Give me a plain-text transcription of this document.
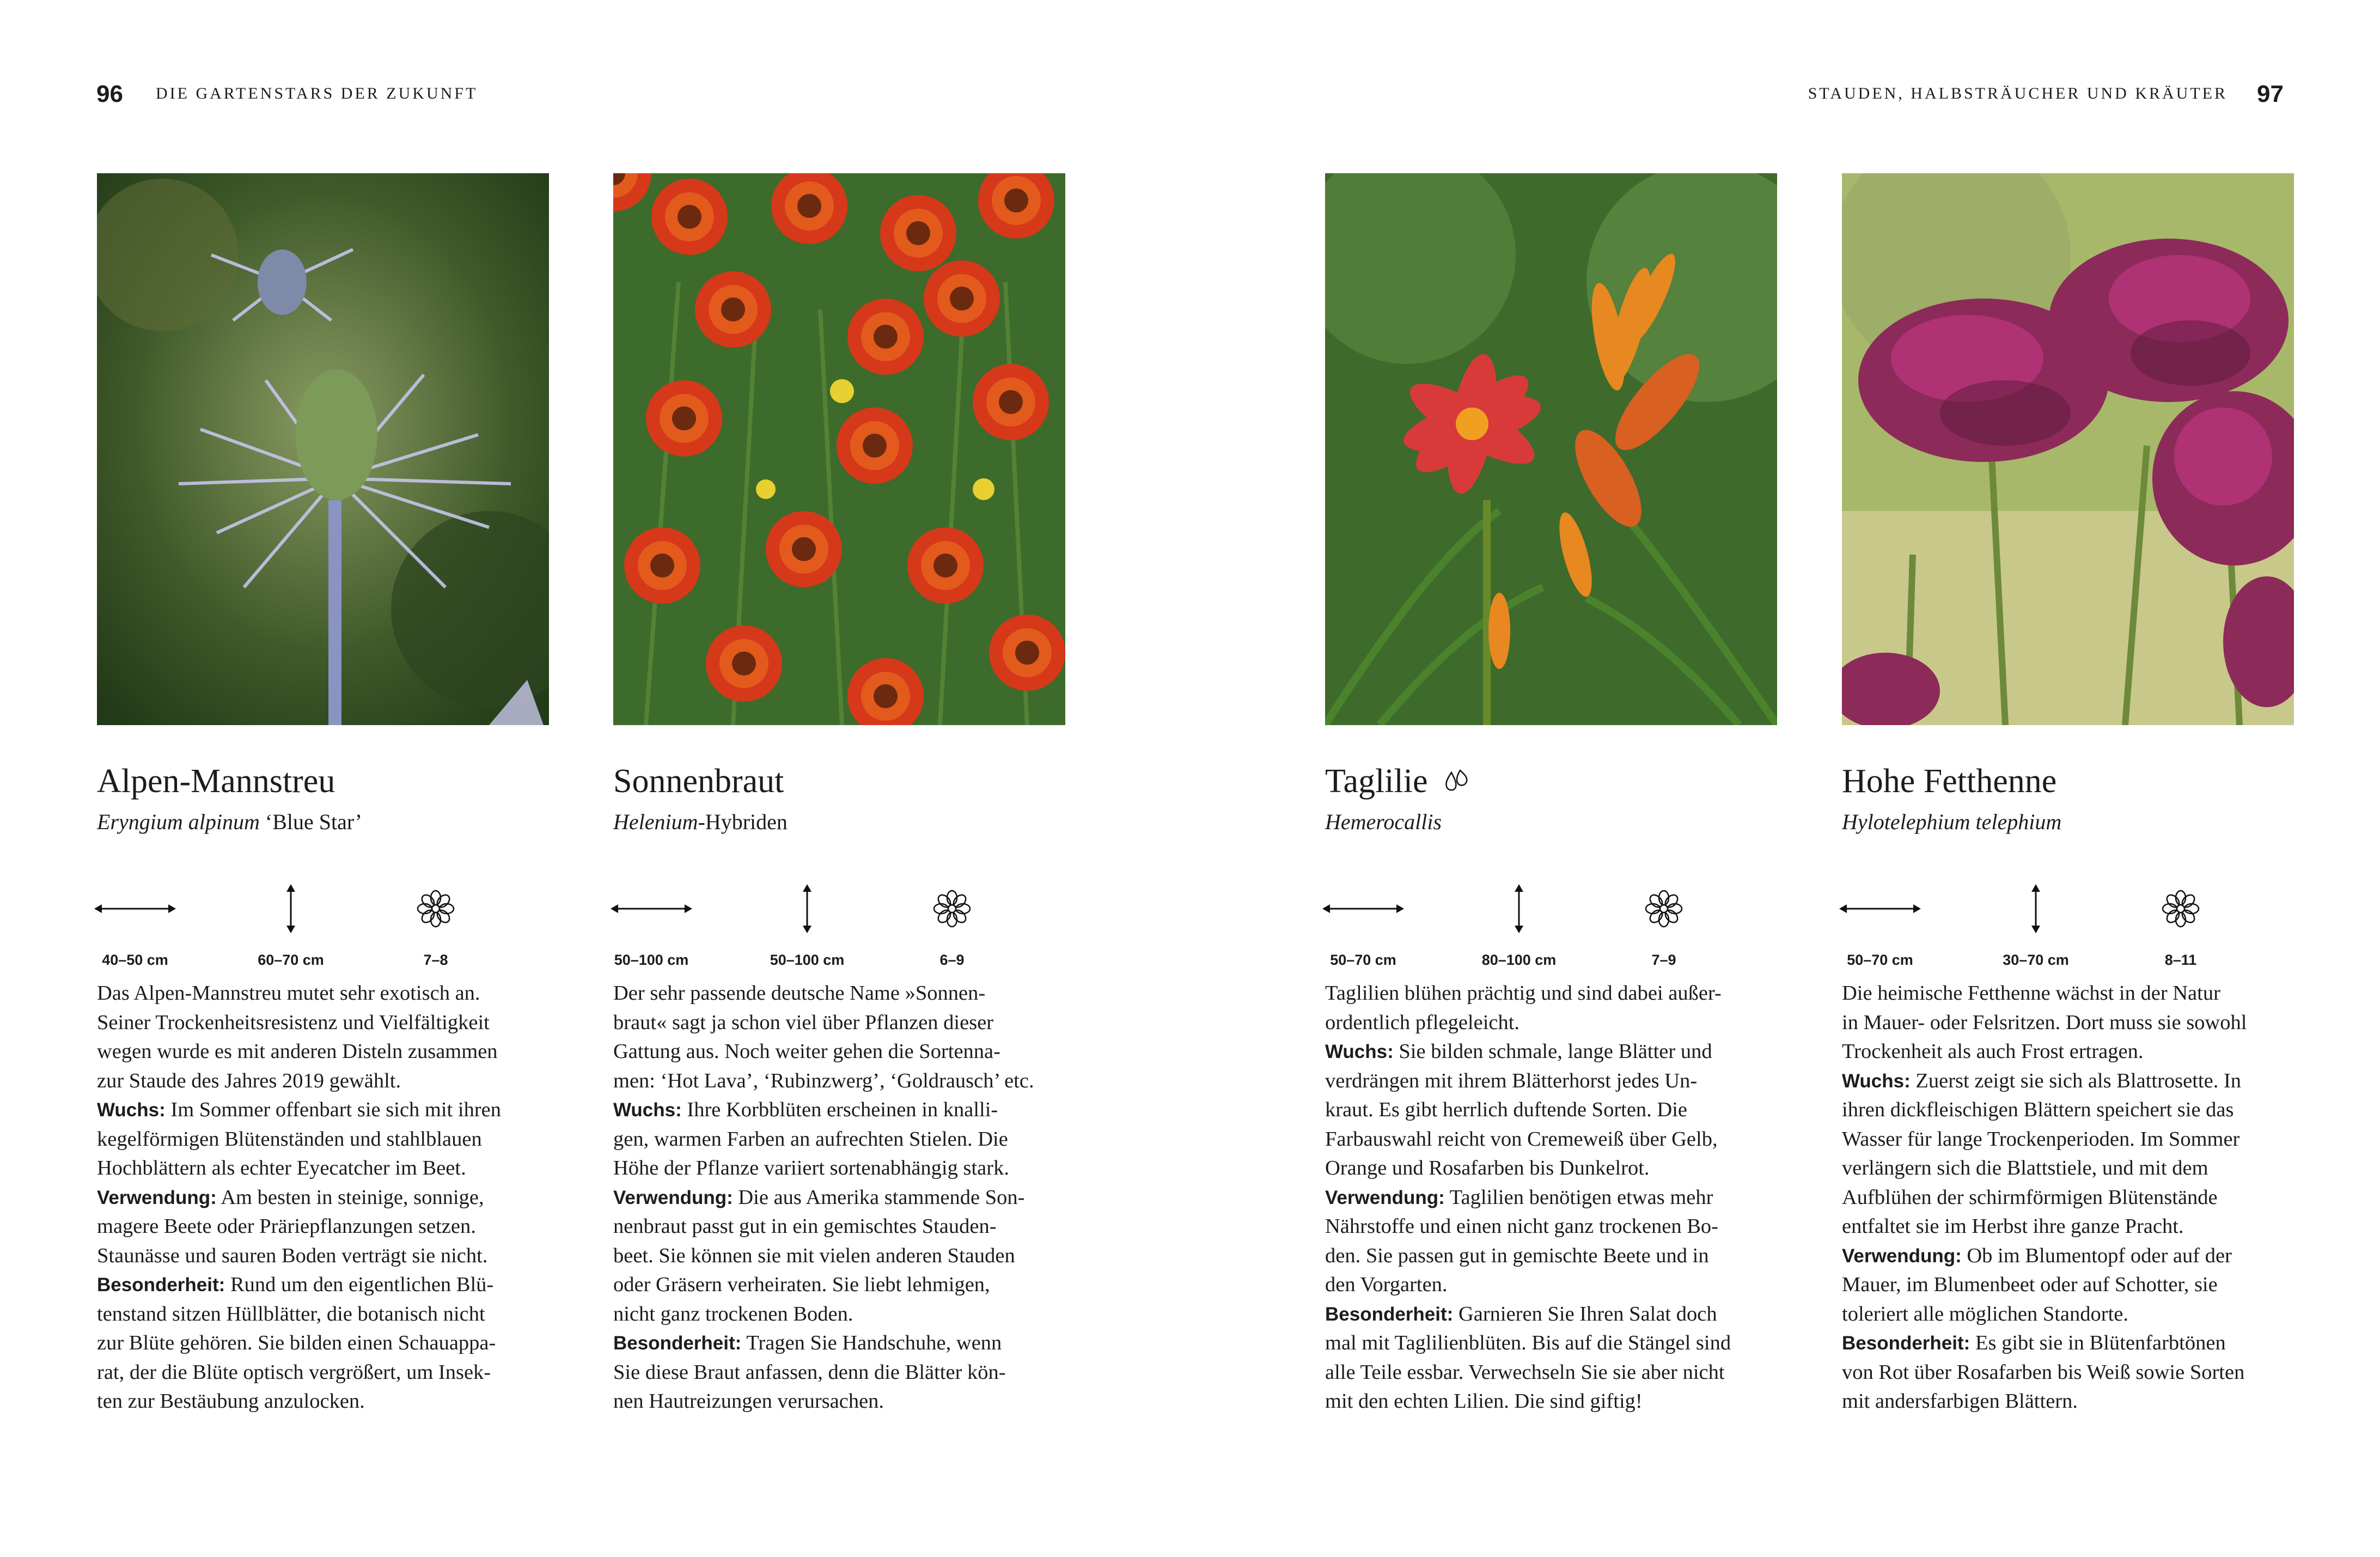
96 DIE GARTENSTARS DER ZUKUNFT	STAUDEN, HALBSTRÄUCHER UND KRÄUTER 97
Alpen-Mannstreu
Eryngium alpinum ‘Blue Star’
40–50 cm	60–70 cm	7–8
Das Alpen-Mannstreu mutet sehr exotisch an.
Seiner Trockenheitsresistenz und Vielfältigkeit
wegen wurde es mit anderen Disteln zusammen
zur Staude des Jahres 2019 gewählt.
Wuchs: Im Sommer offenbart sie sich mit ihren
kegelförmigen Blütenständen und stahlblauen
Hochblättern als echter Eyecatcher im Beet.
Verwendung: Am besten in steinige, sonnige,
magere Beete oder Präriepflanzungen setzen.
Staunässe und sauren Boden verträgt sie nicht.
Besonderheit: Rund um den eigentlichen Blü-
tenstand sitzen Hüllblätter, die botanisch nicht
zur Blüte gehören. Sie bilden einen Schauappa-
rat, der die Blüte optisch vergrößert, um Insek-
ten zur Bestäubung anzulocken.
Sonnenbraut
Helenium-Hybriden
50–100 cm	50–100 cm	6–9
Der sehr passende deutsche Name »Sonnen-
braut« sagt ja schon viel über Pflanzen dieser
Gattung aus. Noch weiter gehen die Sortenna-
men: ‘Hot Lava’, ‘Rubinzwerg’, ‘Goldrausch’ etc.
Wuchs: Ihre Korbblüten erscheinen in knalli-
gen, warmen Farben an aufrechten Stielen. Die
Höhe der Pflanze variiert sortenabhängig stark.
Verwendung: Die aus Amerika stammende Son-
nenbraut passt gut in ein gemischtes Stauden-
beet. Sie können sie mit vielen anderen Stauden
oder Gräsern verheiraten. Sie liebt lehmigen,
nicht ganz trockenen Boden.
Besonderheit: Tragen Sie Handschuhe, wenn
Sie diese Braut anfassen, denn die Blätter kön-
nen Hautreizungen verursachen.
Taglilie
Hemerocallis
50–70 cm	80–100 cm	7–9
Taglilien blühen prächtig und sind dabei außer-
ordentlich pflegeleicht.
Wuchs: Sie bilden schmale, lange Blätter und
verdrängen mit ihrem Blätterhorst jedes Un-
kraut. Es gibt herrlich duftende Sorten. Die
Farbauswahl reicht von Cremeweiß über Gelb,
Orange und Rosafarben bis Dunkelrot.
Verwendung: Taglilien benötigen etwas mehr
Nährstoffe und einen nicht ganz trockenen Bo-
den. Sie passen gut in gemischte Beete und in
den Vorgarten.
Besonderheit: Garnieren Sie Ihren Salat doch
mal mit Taglilienblüten. Bis auf die Stängel sind
alle Teile essbar. Verwechseln Sie sie aber nicht
mit den echten Lilien. Die sind giftig!
Hohe Fetthenne
Hylotelephium telephium
50–70 cm	30–70 cm	8–11
Die heimische Fetthenne wächst in der Natur
in Mauer- oder Felsritzen. Dort muss sie sowohl
Trockenheit als auch Frost ertragen.
Wuchs: Zuerst zeigt sie sich als Blattrosette. In
ihren dickfleischigen Blättern speichert sie das
Wasser für lange Trockenperioden. Im Sommer
verlängern sich die Blattstiele, und mit dem
Aufblühen der schirmförmigen Blütenstände
entfaltet sie im Herbst ihre ganze Pracht.
Verwendung: Ob im Blumentopf oder auf der
Mauer, im Blumenbeet oder auf Schotter, sie
toleriert alle möglichen Standorte.
Besonderheit: Es gibt sie in Blütenfarbtönen
von Rot über Rosafarben bis Weiß sowie Sorten
mit andersfarbigen Blättern.
